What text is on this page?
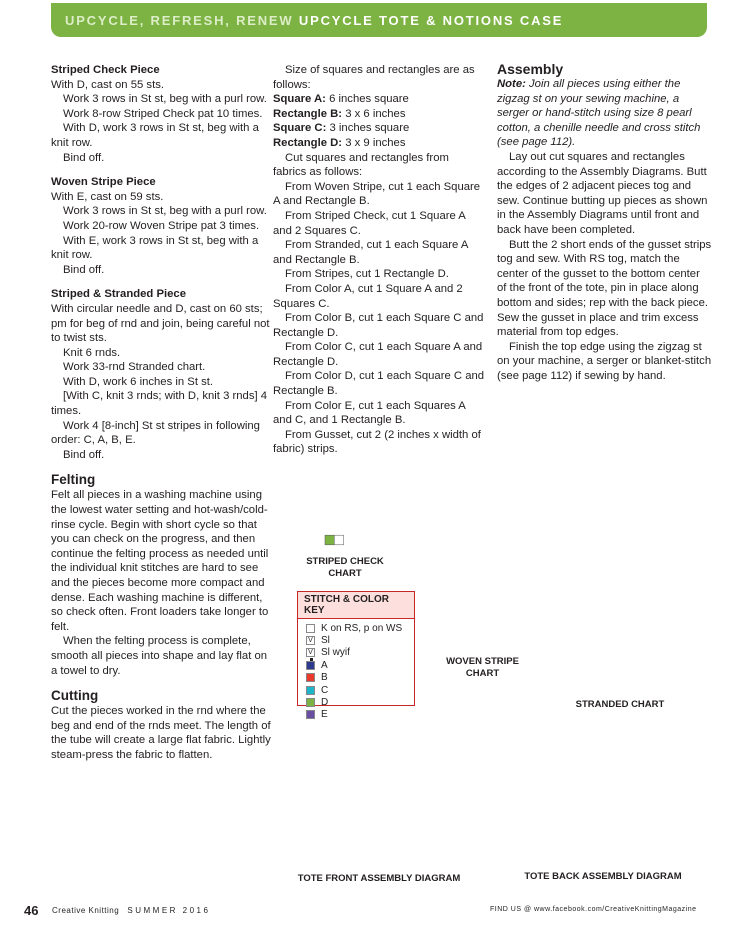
UPCYCLE, REFRESH, RENEW
UPCYCLE TOTE & NOTIONS CASE
Striped Check Piece

With D, cast on 55 sts.

Work 3 rows in St st, beg with a purl row.

Work 8-row Striped Check pat 10 times.

With D, work 3 rows in St st, beg with a knit row.

Bind off.

Woven Stripe Piece

With E, cast on 59 sts.

Work 3 rows in St st, beg with a purl row.

Work 20-row Woven Stripe pat 3 times.

With E, work 3 rows in St st, beg with a knit row.

Bind off.

Striped & Stranded Piece

With circular needle and D, cast on 60 sts; pm for beg of rnd and join, being careful not to twist sts.

Knit 6 rnds.

Work 33-rnd Stranded chart.

With D, work 6 inches in St st.

[With C, knit 3 rnds; with D, knit 3 rnds] 4 times.

Work 4 [8-inch] St st stripes in following order: C, A, B, E.

Bind off.

Felting

Felt all pieces in a washing machine using the lowest water setting and hot-wash/cold-rinse cycle. Begin with short cycle so that you can check on the progress, and then continue the felting process as needed until the individual knit stitches are hard to see and the pieces become more compact and dense. Each washing machine is different, so check often. Front loaders take longer to felt.

When the felting process is complete, smooth all pieces into shape and lay flat on a towel to dry.

Cutting

Cut the pieces worked in the rnd where the beg and end of the rnds meet. The length of the tube will create a large flat fabric. Lightly steam-press the fabric to flatten.

Size of squares and rectangles are as follows:

Square A: 6 inches square

Rectangle B: 3 x 6 inches

Square C: 3 inches square

Rectangle D: 3 x 9 inches

Cut squares and rectangles from fabrics as follows:

From Woven Stripe, cut 1 each Square A and Rectangle B.

From Striped Check, cut 1 Square A and 2 Squares C.

From Stranded, cut 1 each Square A and Rectangle B.

From Stripes, cut 1 Rectangle D.

From Color A, cut 1 Square A and 2 Squares C.

From Color B, cut 1 each Square C and Rectangle D.

From Color C, cut 1 each Square A and Rectangle D.

From Color D, cut 1 each Square C and Rectangle B.

From Color E, cut 1 each Squares A and C, and 1 Rectangle B.

From Gusset, cut 2 (2 inches x width of fabric) strips.

Assembly

Note: Join all pieces using either the zigzag st on your sewing machine, a serger or hand-stitch using size 8 pearl cotton, a chenille needle and cross stitch (see page 112).

Lay out cut squares and rectangles according to the Assembly Diagrams. Butt the edges of 2 adjacent pieces tog and sew. Continue butting up pieces as shown in the Assembly Diagrams until front and back have been completed.

Butt the 2 short ends of the gusset strips tog and sew. With RS tog, match the center of the gusset to the bottom center of the front of the tote, pin in place along bottom and sides; rep with the back piece. Sew the gusset in place and trim excess material from top edges.

Finish the top edge using the zigzag st on your machine, a serger or blanket-stitch (see page 112) if sewing by hand.

STITCH & COLOR KEY
K on RS, p on WS
V Sl
V Sl wyif
A
B
C
D
E
STRIPED CHECK CHART
WOVEN STRIPE CHART
STRANDED CHART
TOTE FRONT ASSEMBLY DIAGRAM	TOTE BACK ASSEMBLY DIAGRAM
46 Creative Knitting SUMMER 2016	FIND US @ www.facebook.com/CreativeKnittingMagazine
